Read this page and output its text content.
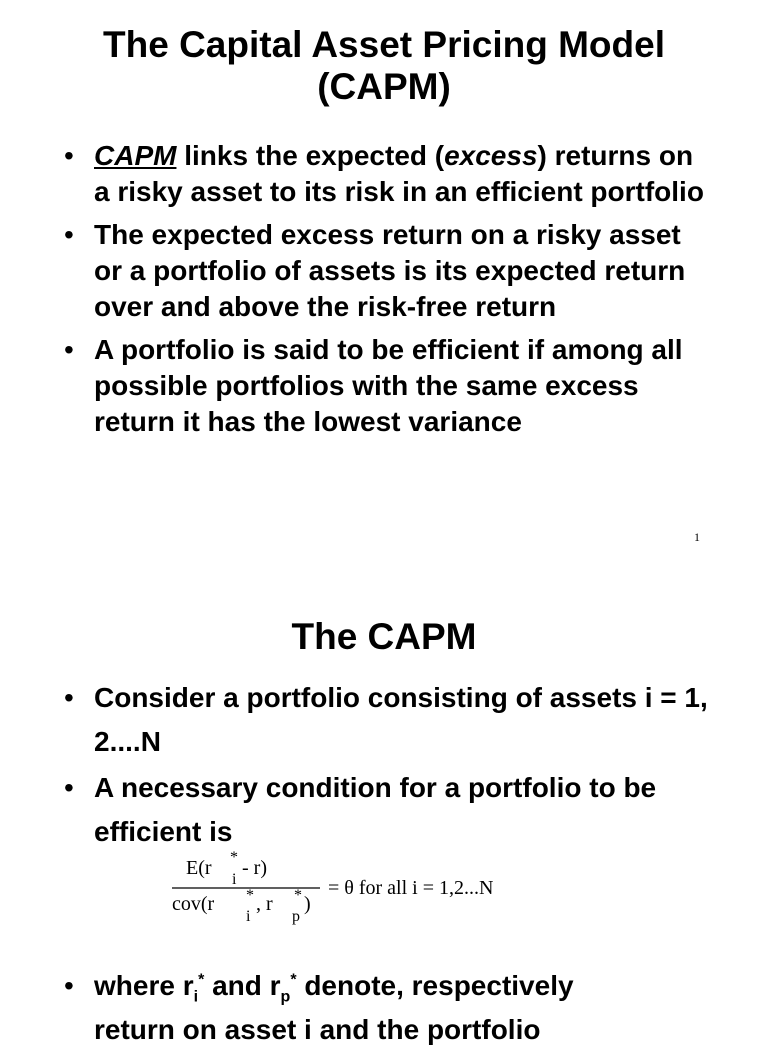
The Capital Asset Pricing Model
(CAPM)
• CAPM links the expected (excess) returns on a risky asset to its risk in an efficient portfolio
• The expected excess return on a risky asset or a portfolio of assets is its expected return over and above the risk-free return
• A portfolio is said to be efficient if among all possible portfolios with the same excess return it has the lowest variance
1
The CAPM
• Consider a portfolio consisting of assets i = 1, 2....N
• A necessary condition for a portfolio to be efficient is
E(r
i
* - r)
cov(r
i
* , r
p
* )
= θ for all i = 1,2...N
• where $r_i^*$ and $r_p^*$ denote, respectively
return on asset i and the portfolio
